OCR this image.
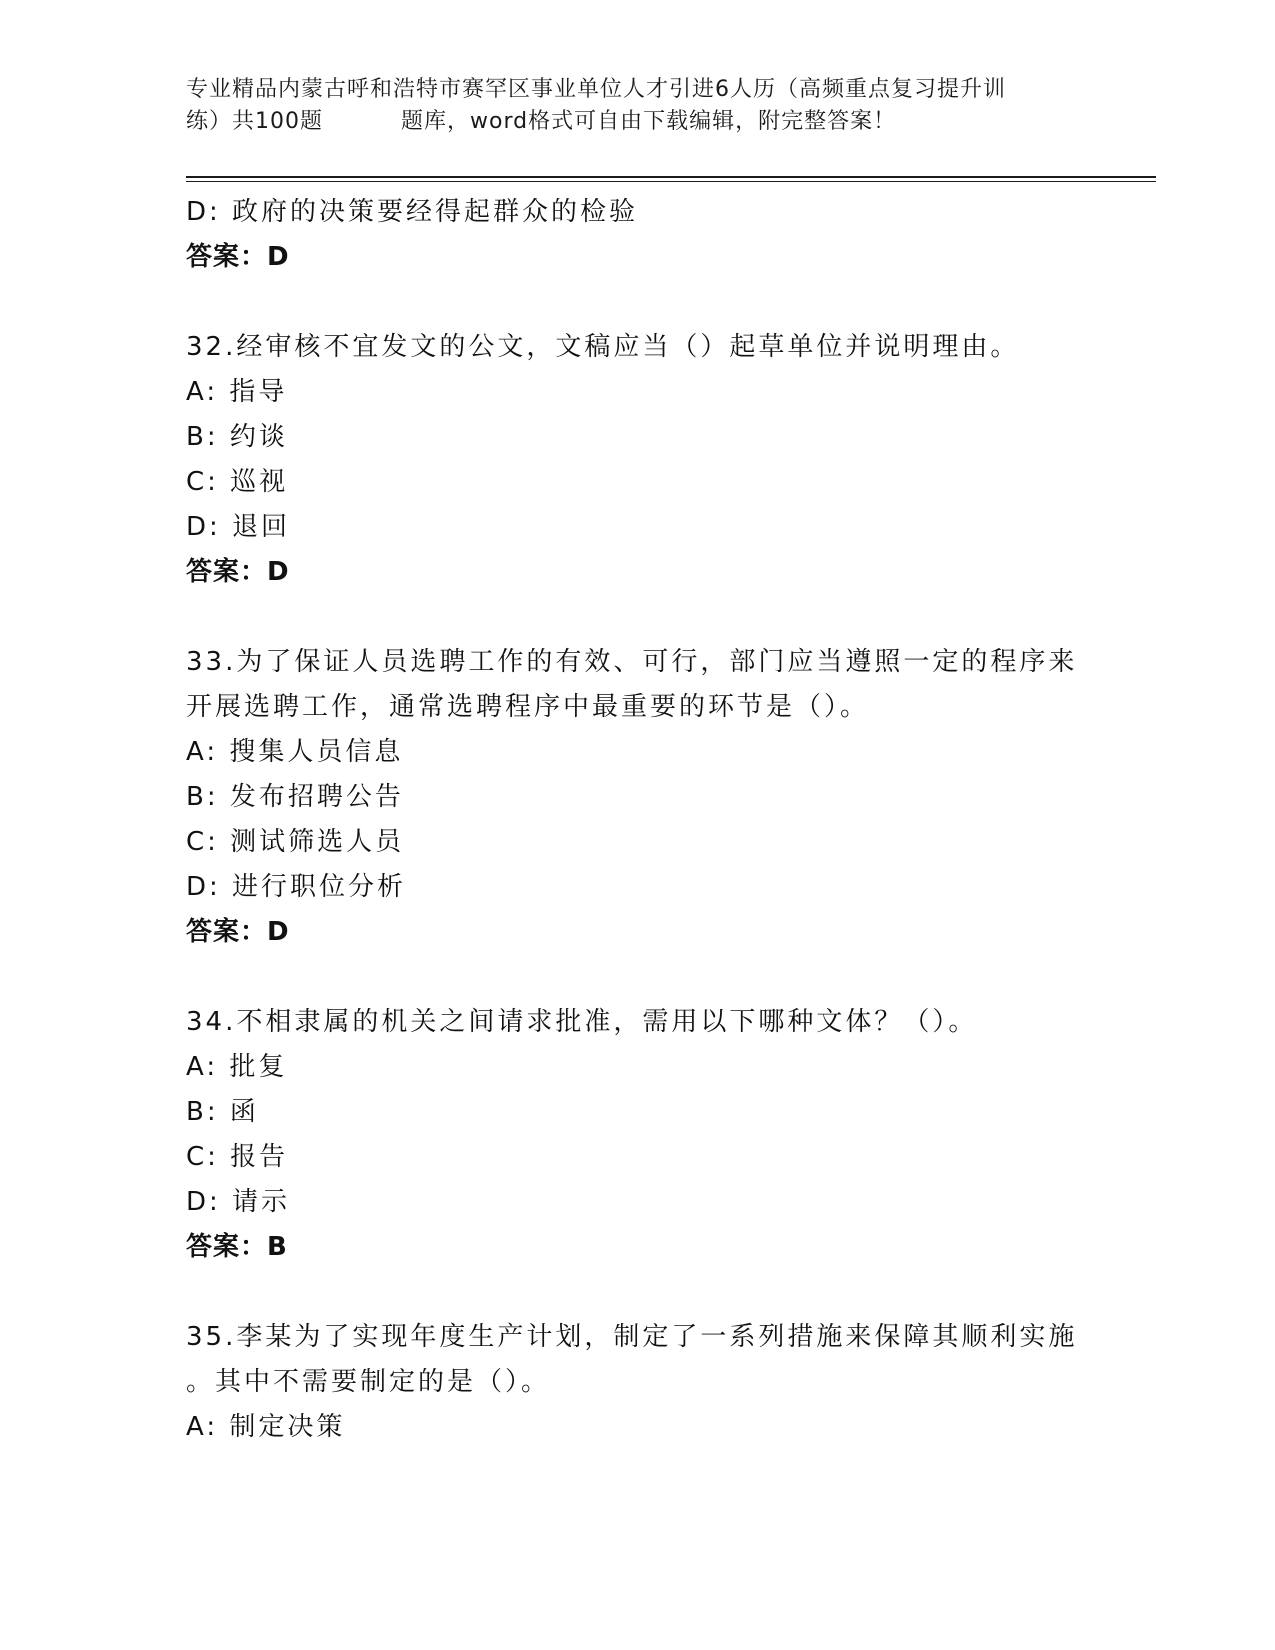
专业精品内蒙古呼和浩特市赛罕区事业单位人才引进6人历（高频重点复习提升训
练）共100题	题库，word格式可自由下载编辑，附完整答案！
D: 政府的决策要经得起群众的检验
答案：D
32.经审核不宜发文的公文，文稿应当（）起草单位并说明理由。
A: 指导
B: 约谈
C: 巡视
D: 退回
答案：D
33.为了保证人员选聘工作的有效、可行，部门应当遵照一定的程序来
开展选聘工作，通常选聘程序中最重要的环节是（）。
A: 搜集人员信息
B: 发布招聘公告
C: 测试筛选人员
D: 进行职位分析
答案：D
34.不相隶属的机关之间请求批准，需用以下哪种文体？（）。
A: 批复
B: 函
C: 报告
D: 请示
答案：B
35.李某为了实现年度生产计划，制定了一系列措施来保障其顺利实施
。其中不需要制定的是（）。
A: 制定决策
